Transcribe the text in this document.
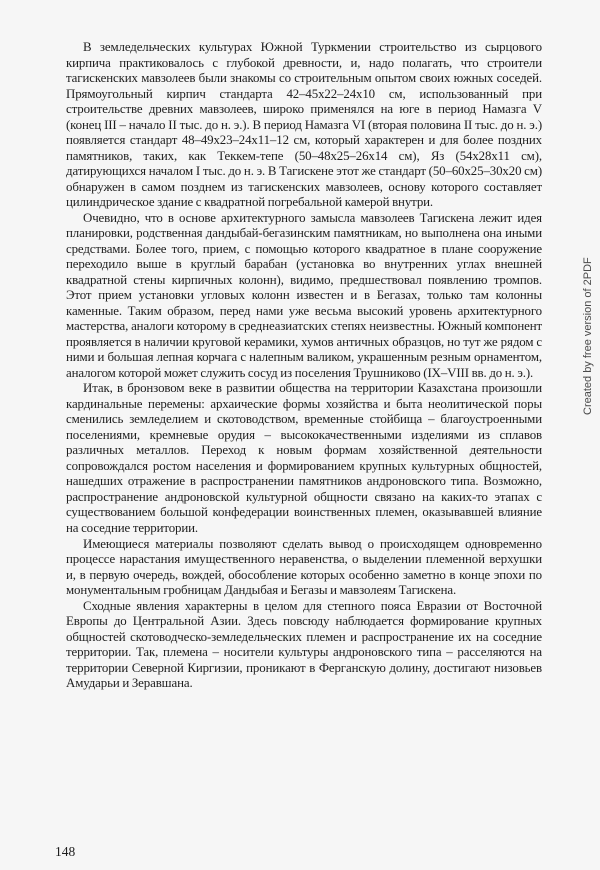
В земледельческих культурах Южной Туркмении строительство из сырцового кирпича практиковалось с глубокой древности, и, надо полагать, что строители тагискенских мавзолеев были знакомы со строительным опытом своих южных соседей. Прямоугольный кирпич стандарта 42–45х22–24х10 см, использованный при строительстве древних мавзолеев, широко применялся на юге в период Намазга V (конец III – начало II тыс. до н. э.). В период Намазга VI (вторая половина II тыс. до н. э.) появляется стандарт 48–49х23–24х11–12 см, который характерен и для более поздних памятников, таких, как Теккем-тепе (50–48х25–26х14 см), Яз (54х28х11 см), датирующихся началом I тыс. до н. э. В Тагискене этот же стандарт (50–60х25–30х20 см) обнаружен в самом позднем из тагискенских мавзолеев, основу которого составляет цилиндрическое здание с квадратной погребальной камерой внутри.

Очевидно, что в основе архитектурного замысла мавзолеев Тагискена лежит идея планировки, родственная дандыбай-бегазинским памятникам, но выполнена она иными средствами. Более того, прием, с помощью которого квадратное в плане сооружение переходило выше в круглый барабан (установка во внутренних углах внешней квадратной стены кирпичных колонн), видимо, предшествовал появлению тромпов. Этот прием установки угловых колонн известен и в Бегазах, только там колонны каменные. Таким образом, перед нами уже весьма высокий уровень архитектурного мастерства, аналоги которому в среднеазиатских степях неизвестны. Южный компонент проявляется в наличии круговой керамики, хумов античных образцов, но тут же рядом с ними и большая лепная корчага с налепным валиком, украшенным резным орнаментом, аналогом которой может служить сосуд из поселения Трушниково (IX–VIII вв. до н. э.).

Итак, в бронзовом веке в развитии общества на территории Казахстана произошли кардинальные перемены: архаические формы хозяйства и быта неолитической поры сменились земледелием и скотоводством, временные стойбища – благоустроенными поселениями, кремневые орудия – высококачественными изделиями из сплавов различных металлов. Переход к новым формам хозяйственной деятельности сопровождался ростом населения и формированием крупных культурных общностей, нашедших отражение в распространении памятников андроновского типа. Возможно, распространение андроновской культурной общности связано на каких-то этапах с существованием большой конфедерации воинственных племен, оказывавшей влияние на соседние территории.

Имеющиеся материалы позволяют сделать вывод о происходящем одновременно процессе нарастания имущественного неравенства, о выделении племенной верхушки и, в первую очередь, вождей, обособление которых особенно заметно в конце эпохи по монументальным гробницам Дандыбая и Бегазы и мавзолеям Тагискена.

Сходные явления характерны в целом для степного пояса Евразии от Восточной Европы до Центральной Азии. Здесь повсюду наблюдается формирование крупных общностей скотоводческо-земледельческих племен и распространение их на соседние территории. Так, племена – носители культуры андроновского типа – расселяются на территории Северной Киргизии, проникают в Ферганскую долину, достигают низовьев Амударьи и Зеравшана.

148
Created by free version of 2PDF
